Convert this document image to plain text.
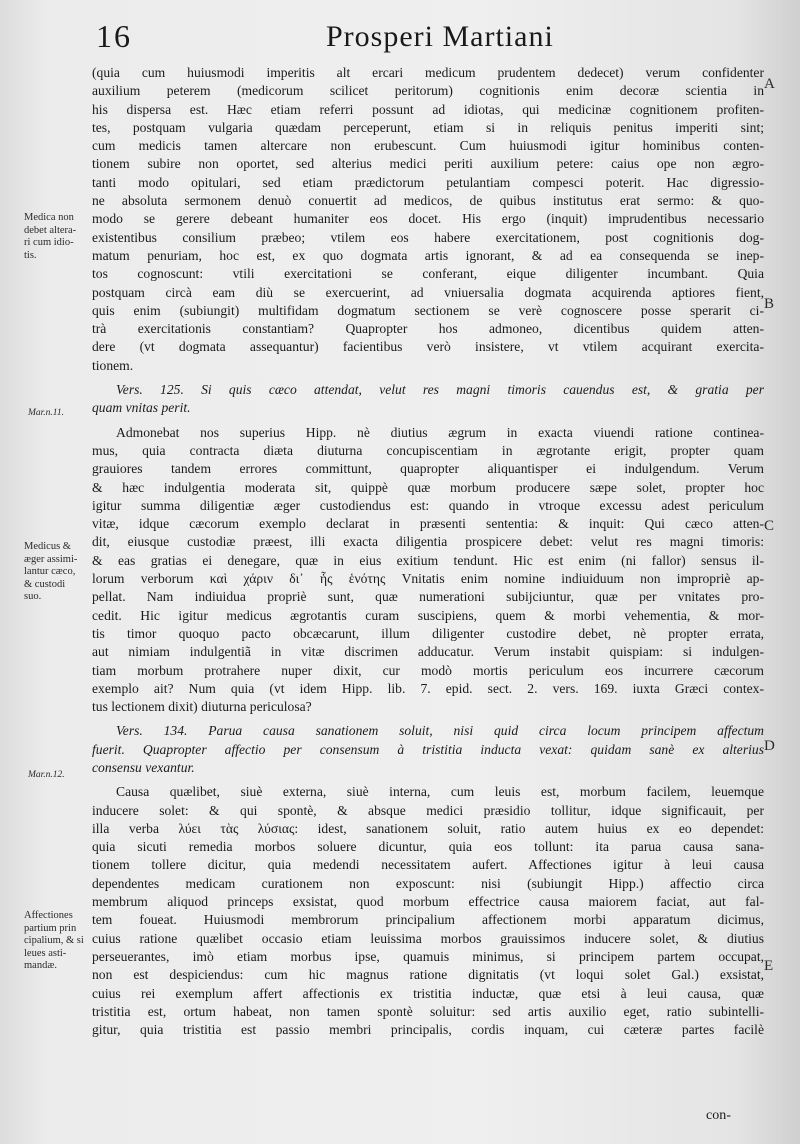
16	Prosperi Martiani
Medica non
debet altera-
ri cum idio-
tis.
Mar.n.11.
Medicus &
æger assimi-
lantur cæco,
& custodi
suo.
Mar.n.12.
Affectiones
partium prin
cipalium, & si
leues asti-
mandæ.
A
B
C
D
E
(quia cum huiusmodi imperitis alt ercari medicum prudentem dedecet) verum confidenter
auxilium peterem (medicorum scilicet peritorum) cognitionis enim decoræ scientia in
his dispersa est. Hæc etiam referri possunt ad idiotas, qui medicinæ cognitionem profiten-
tes, postquam vulgaria quædam perceperunt, etiam si in reliquis penitus imperiti sint;
cum medicis tamen altercare non erubescunt. Cum huiusmodi igitur hominibus conten-
tionem subire non oportet, sed alterius medici periti auxilium petere: caius ope non ægro-
tanti modo opitulari, sed etiam prædictorum petulantiam compesci poterit. Hac digressio-
ne absoluta sermonem denuò conuertit ad medicos, de quibus institutus erat sermo: & quo-
modo se gerere debeant humaniter eos docet. His ergo (inquit) imprudentibus necessario
existentibus consilium præbeo; vtilem eos habere exercitationem, post cognitionis dog-
matum penuriam, hoc est, ex quo dogmata artis ignorant, & ad ea consequenda se inep-
tos cognoscunt: vtili exercitationi se conferant, eique diligenter incumbant. Quia
postquam circà eam diù se exercuerint, ad vniuersalia dogmata acquirenda aptiores fient,
quis enim (subiungit) multifidam dogmatum sectionem se verè cognoscere posse sperarit ci-
trà exercitationis constantiam? Quapropter hos admoneo, dicentibus quidem atten-
dere (vt dogmata assequantur) facientibus verò insistere, vt vtilem acquirant exercita-
tionem.
Vers. 125. Si quis cæco attendat, velut res magni timoris cauendus est, & gratia per
quam vnitas perit.
Admonebat nos superius Hipp. nè diutius ægrum in exacta viuendi ratione continea-
mus, quia contracta diæta diuturna concupiscentiam in ægrotante erigit, propter quam
grauiores tandem errores committunt, quapropter aliquantisper ei indulgendum. Verum
& hæc indulgentia moderata sit, quippè quæ morbum producere sæpe solet, propter hoc
igitur summa diligentiæ æger custodiendus est: quando in vtroque excessu adest periculum
vitæ, idque cæcorum exemplo declarat in præsenti sententia: & inquit: Qui cæco atten-
dit, eiusque custodiæ præest, illi exacta diligentia prospicere debet: velut res magni timoris:
& eas gratias ei denegare, quæ in eius exitium tendunt. Hic est enim (ni fallor) sensus il-
lorum verborum καὶ χάριν δι᾽ ἧς ἑνότης Vnitatis enim nomine indiuiduum non impropriè ap-
pellat. Nam indiuidua propriè sunt, quæ numerationi subijciuntur, quæ per vnitates pro-
cedit. Hic igitur medicus ægrotantis curam suscipiens, quem & morbi vehementia, & mor-
tis timor quoquo pacto obcæcarunt, illum diligenter custodire debet, nè propter errata,
aut nimiam indulgentiã in vitæ discrimen adducatur. Verum instabit quispiam: si indulgen-
tiam morbum protrahere nuper dixit, cur modò mortis periculum eos incurrere cæcorum
exemplo ait? Num quia (vt idem Hipp. lib. 7. epid. sect. 2. vers. 169. iuxta Græci contex-
tus lectionem dixit) diuturna periculosa?
Vers. 134. Parua causa sanationem soluit, nisi quid circa locum principem affectum
fuerit. Quapropter affectio per consensum à tristitia inducta vexat: quidam sanè ex alterius
consensu vexantur.
Causa quælibet, siuè externa, siuè interna, cum leuis est, morbum facilem, leuemque
inducere solet: & qui spontè, & absque medici præsidio tollitur, idque significauit, per
illa verba λύει τὰς λύσιας: idest, sanationem soluit, ratio autem huius ex eo dependet:
quia sicuti remedia morbos soluere dicuntur, quia eos tollunt: ita parua causa sana-
tionem tollere dicitur, quia medendi necessitatem aufert. Affectiones igitur à leui causa
dependentes medicam curationem non exposcunt: nisi (subiungit Hipp.) affectio circa
membrum aliquod princeps exsistat, quod morbum effectrice causa maiorem faciat, aut fal-
tem foueat. Huiusmodi membrorum principalium affectionem morbi apparatum dicimus,
cuius ratione quælibet occasio etiam leuissima morbos grauissimos inducere solet, & diutius
perseuerantes, imò etiam morbus ipse, quamuis minimus, si principem partem occupat,
non est despiciendus: cum hic magnus ratione dignitatis (vt loqui solet Gal.) exsistat,
cuius rei exemplum affert affectionis ex tristitia inductæ, quæ etsi à leui causa, quæ
tristitia est, ortum habeat, non tamen spontè soluitur: sed artis auxilio eget, ratio subintelli-
gitur, quia tristitia est passio membri principalis, cordis inquam, cui cæteræ partes facilè
con-
